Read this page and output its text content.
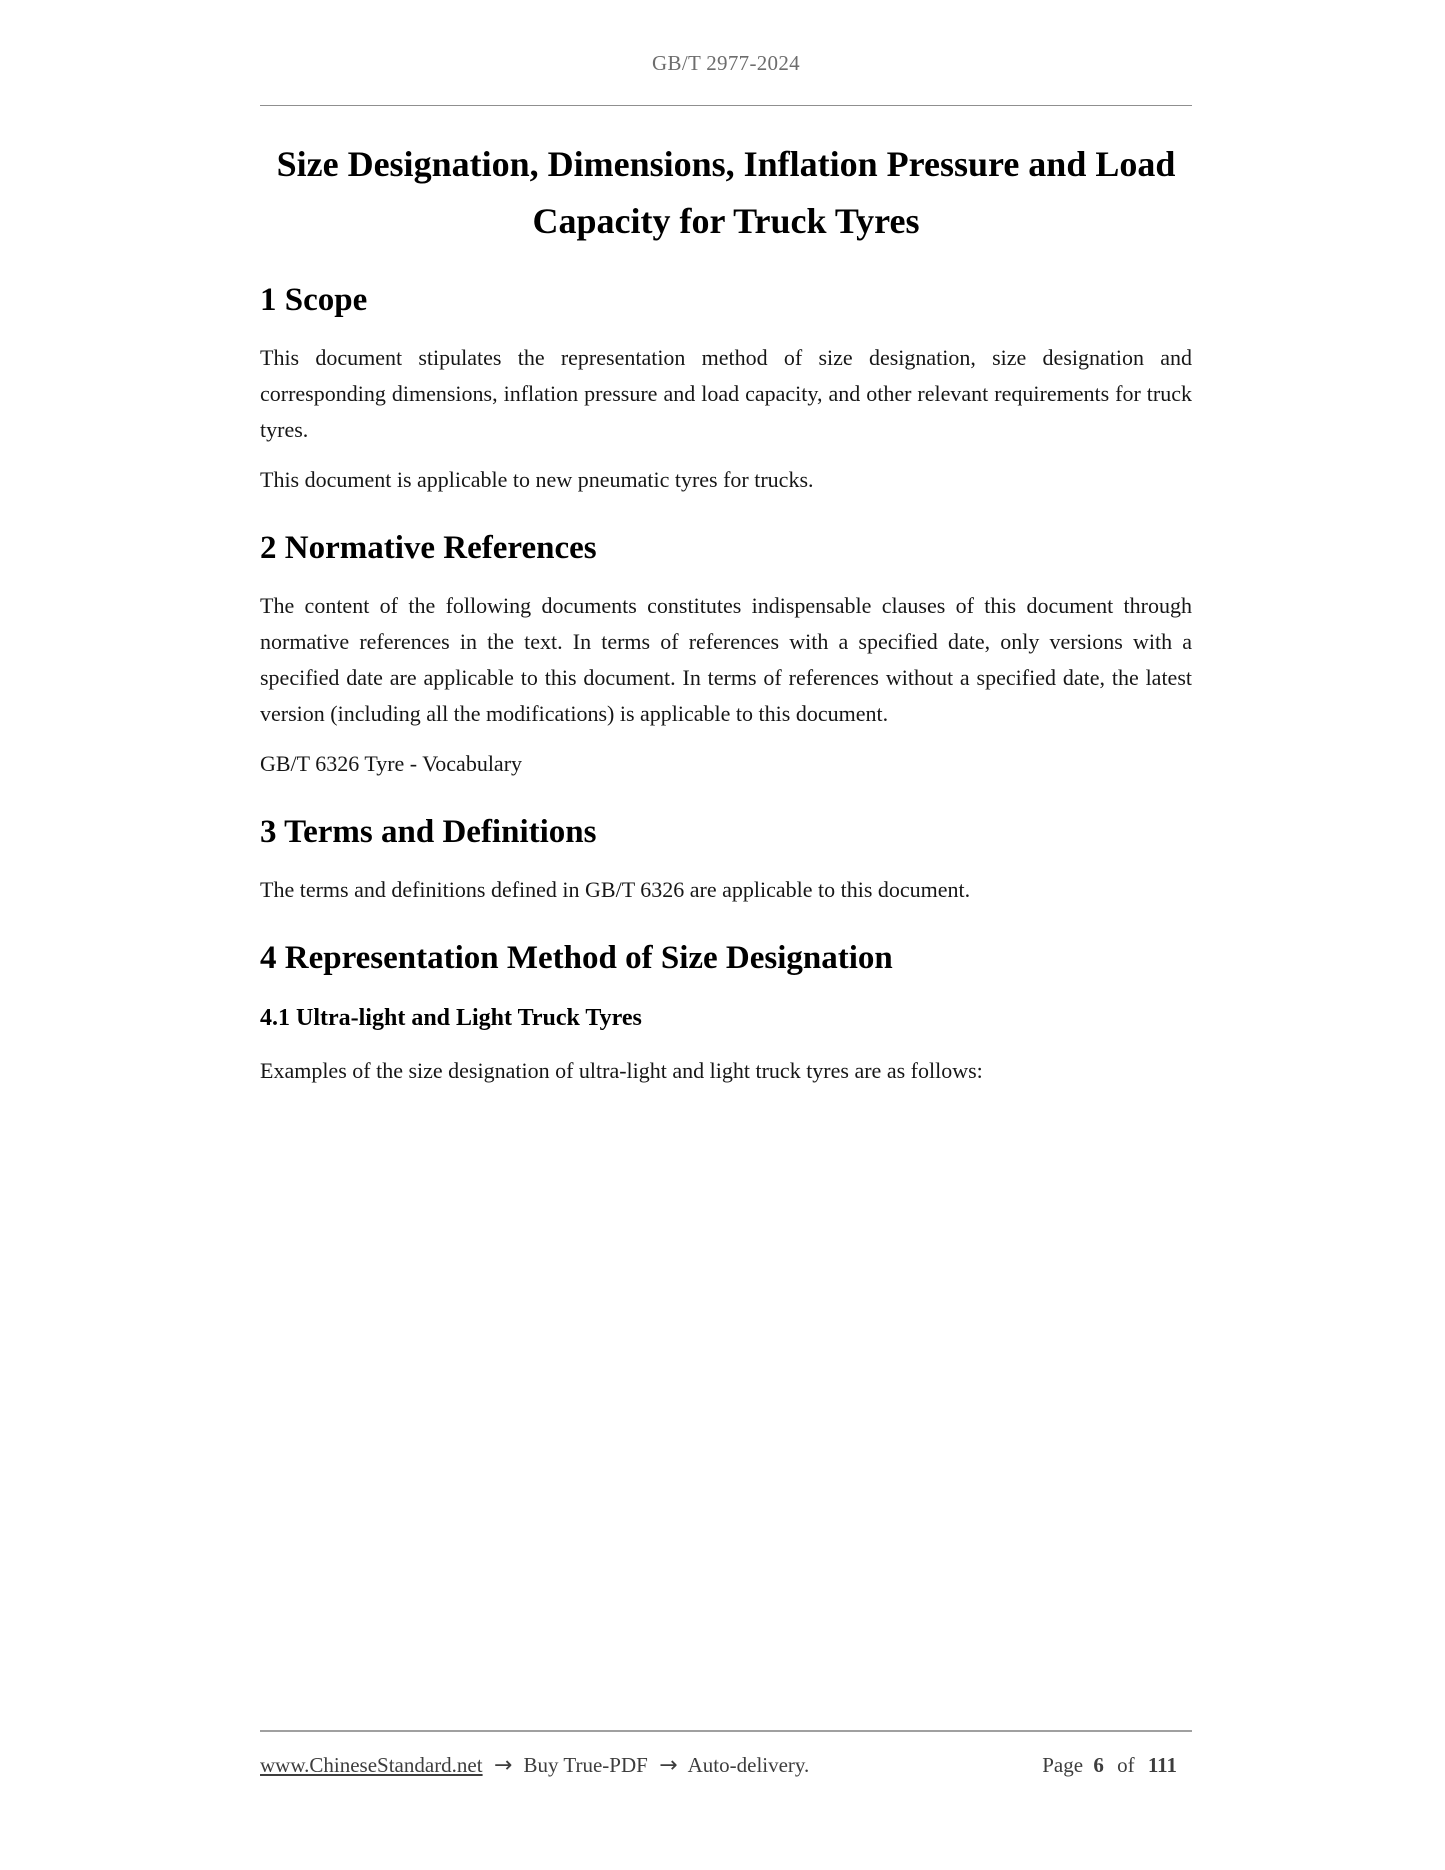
GB/T 2977-2024
Size Designation, Dimensions, Inflation Pressure and Load
Capacity for Truck Tyres
1 Scope

This document stipulates the representation method of size designation, size designation and corresponding dimensions, inflation pressure and load capacity, and other relevant requirements for truck tyres.

This document is applicable to new pneumatic tyres for trucks.

2 Normative References

The content of the following documents constitutes indispensable clauses of this document through normative references in the text. In terms of references with a specified date, only versions with a specified date are applicable to this document. In terms of references without a specified date, the latest version (including all the modifications) is applicable to this document.

GB/T 6326 Tyre - Vocabulary

3 Terms and Definitions

The terms and definitions defined in GB/T 6326 are applicable to this document.

4 Representation Method of Size Designation
4.1 Ultra-light and Light Truck Tyres

Examples of the size designation of ultra-light and light truck tyres are as follows:

www.ChineseStandard.net → Buy True-PDF → Auto-delivery.	Page 6 of 111
